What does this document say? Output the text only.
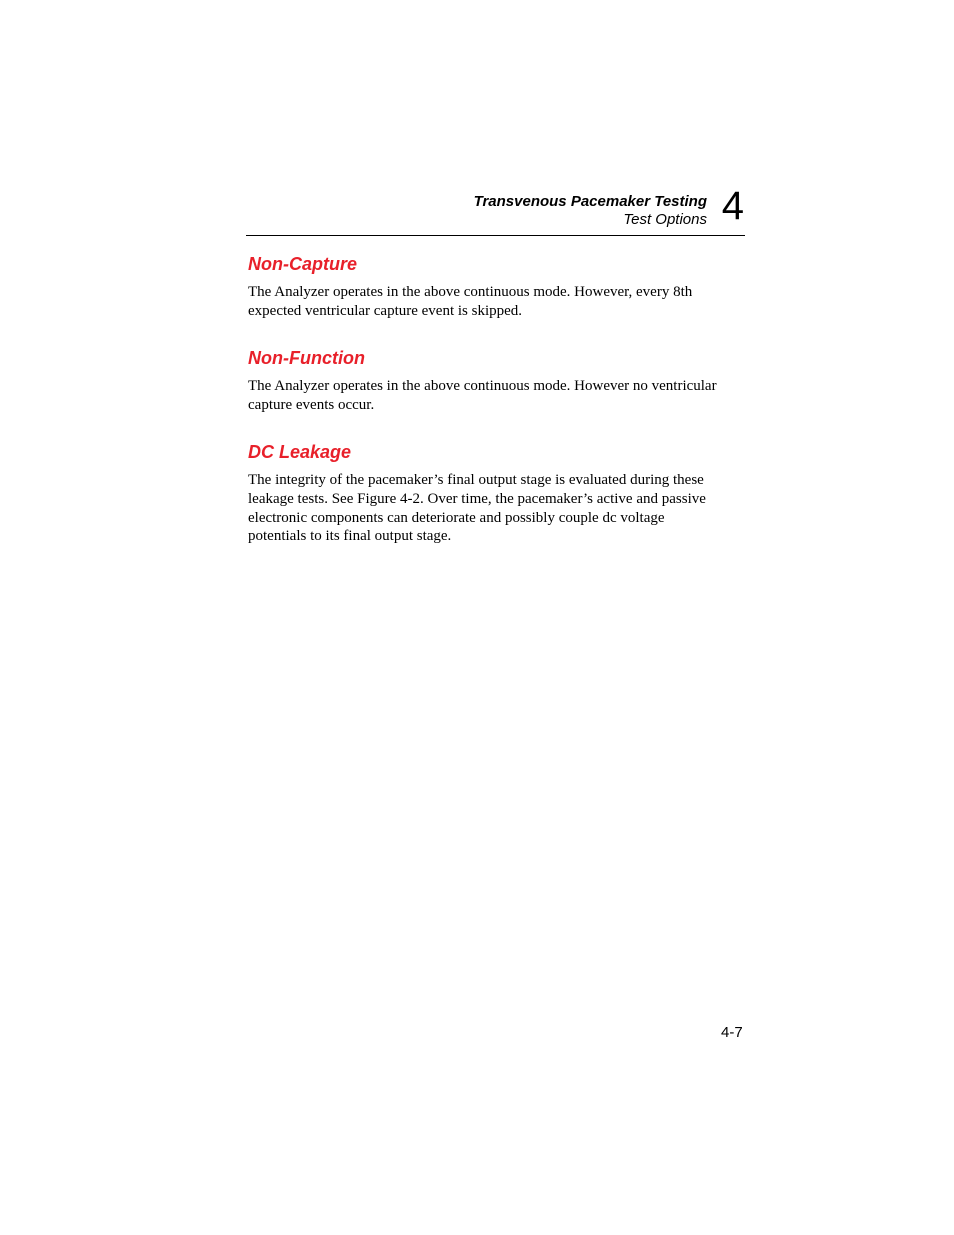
Transvenous Pacemaker Testing
Test Options 4
Non-Capture

The Analyzer operates in the above continuous mode. However, every 8th
expected ventricular capture event is skipped.

Non-Function

The Analyzer operates in the above continuous mode. However no ventricular
capture events occur.

DC Leakage

The integrity of the pacemaker’s final output stage is evaluated during these
leakage tests. See Figure 4-2. Over time, the pacemaker’s active and passive
electronic components can deteriorate and possibly couple dc voltage
potentials to its final output stage.

4-7
